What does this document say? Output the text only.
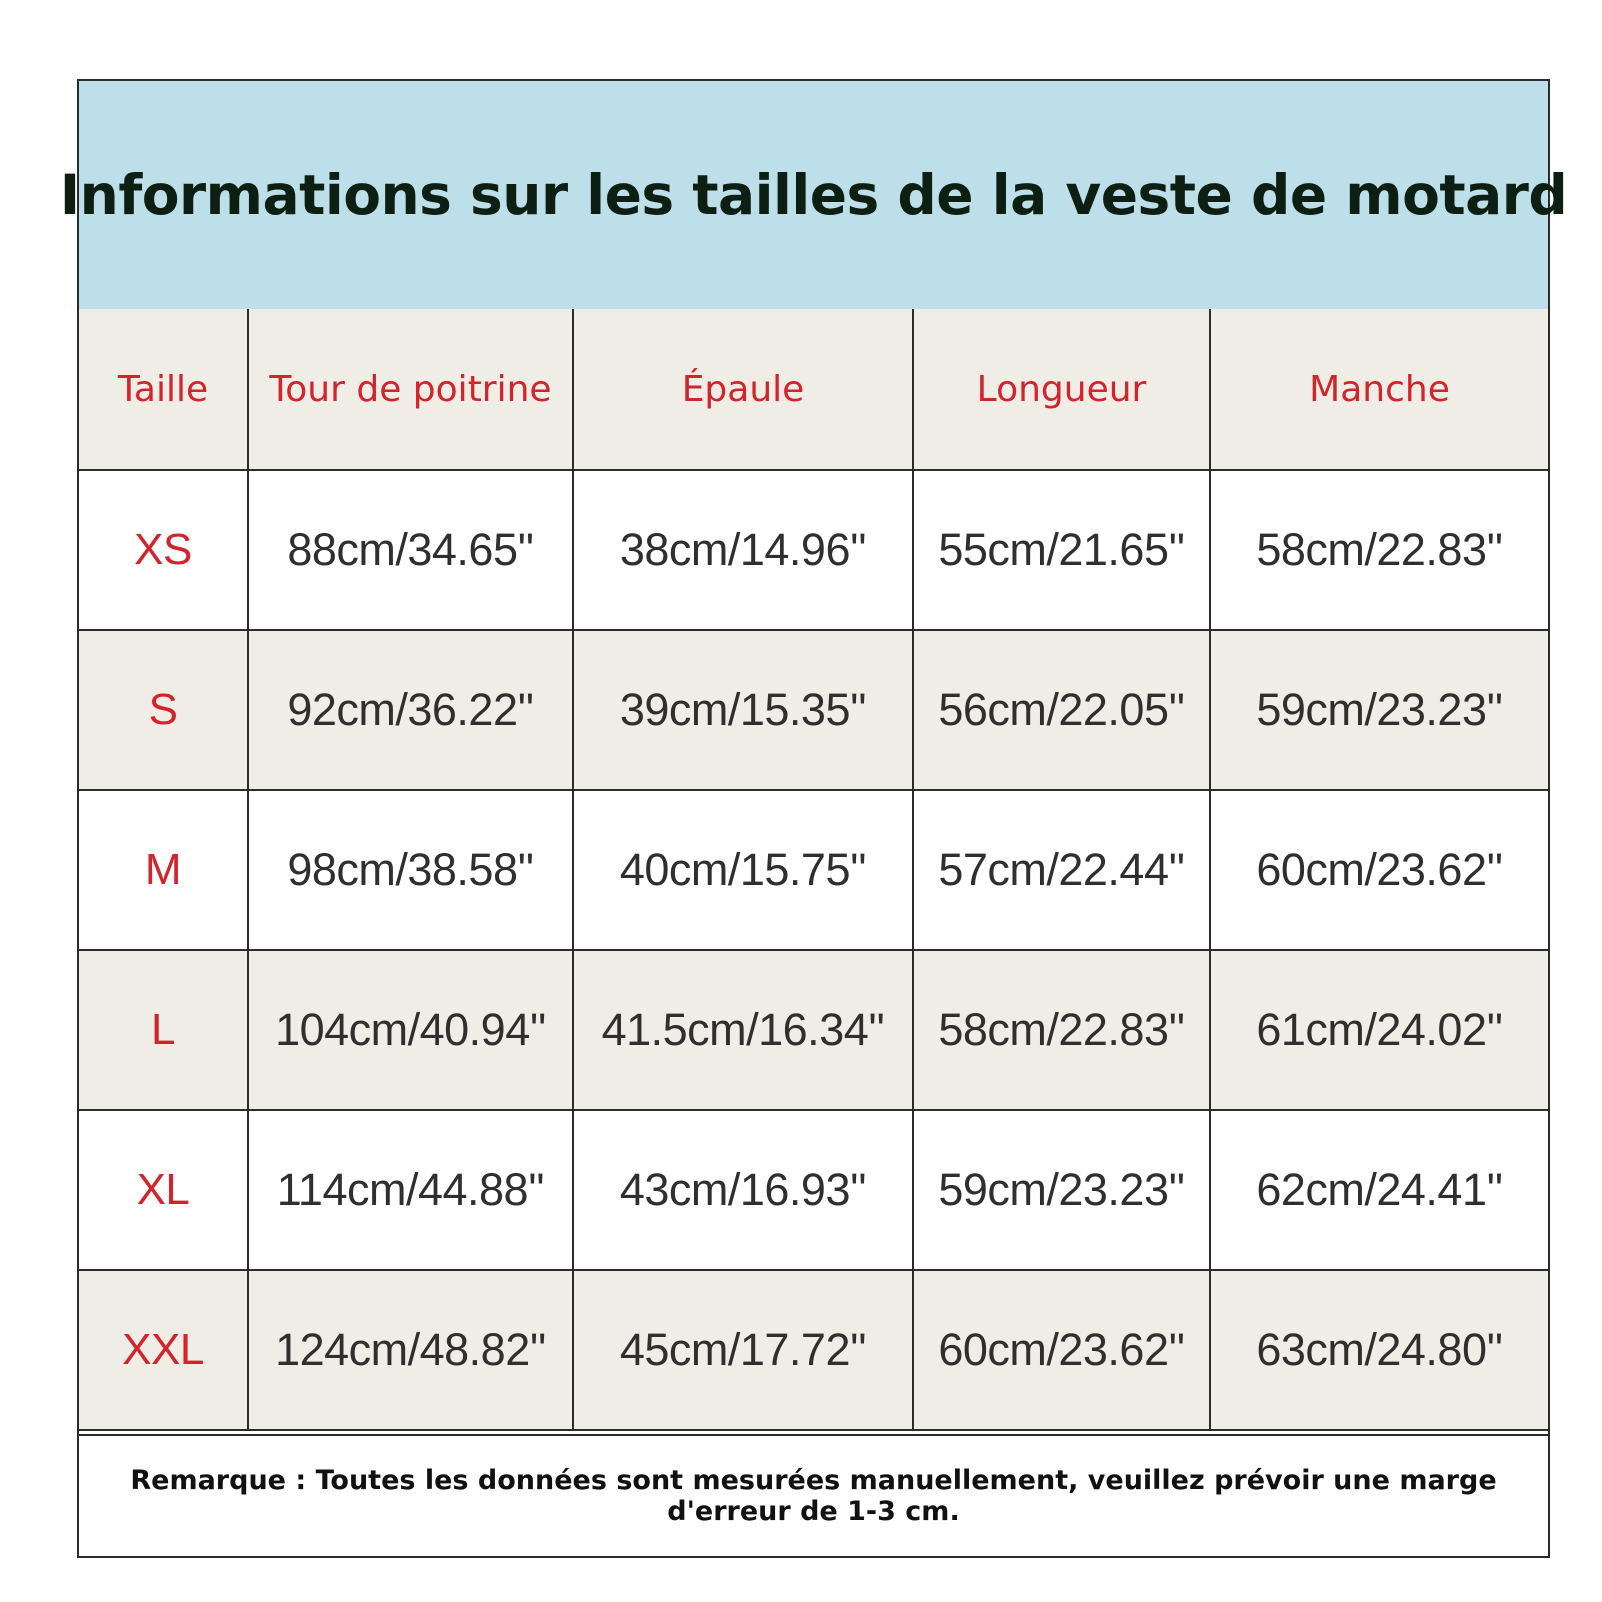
Informations sur les tailles de la veste de motard
Taille	Tour de poitrine	Épaule	Longueur	Manche
XS	88cm/34.65''	38cm/14.96''	55cm/21.65''	58cm/22.83''
S	92cm/36.22''	39cm/15.35''	56cm/22.05''	59cm/23.23''
M	98cm/38.58''	40cm/15.75''	57cm/22.44''	60cm/23.62''
L	104cm/40.94''	41.5cm/16.34''	58cm/22.83''	61cm/24.02''
XL	114cm/44.88''	43cm/16.93''	59cm/23.23''	62cm/24.41''
XXL	124cm/48.82''	45cm/17.72''	60cm/23.62''	63cm/24.80''
Remarque : Toutes les données sont mesurées manuellement, veuillez prévoir une marge d'erreur de 1-3 cm.
